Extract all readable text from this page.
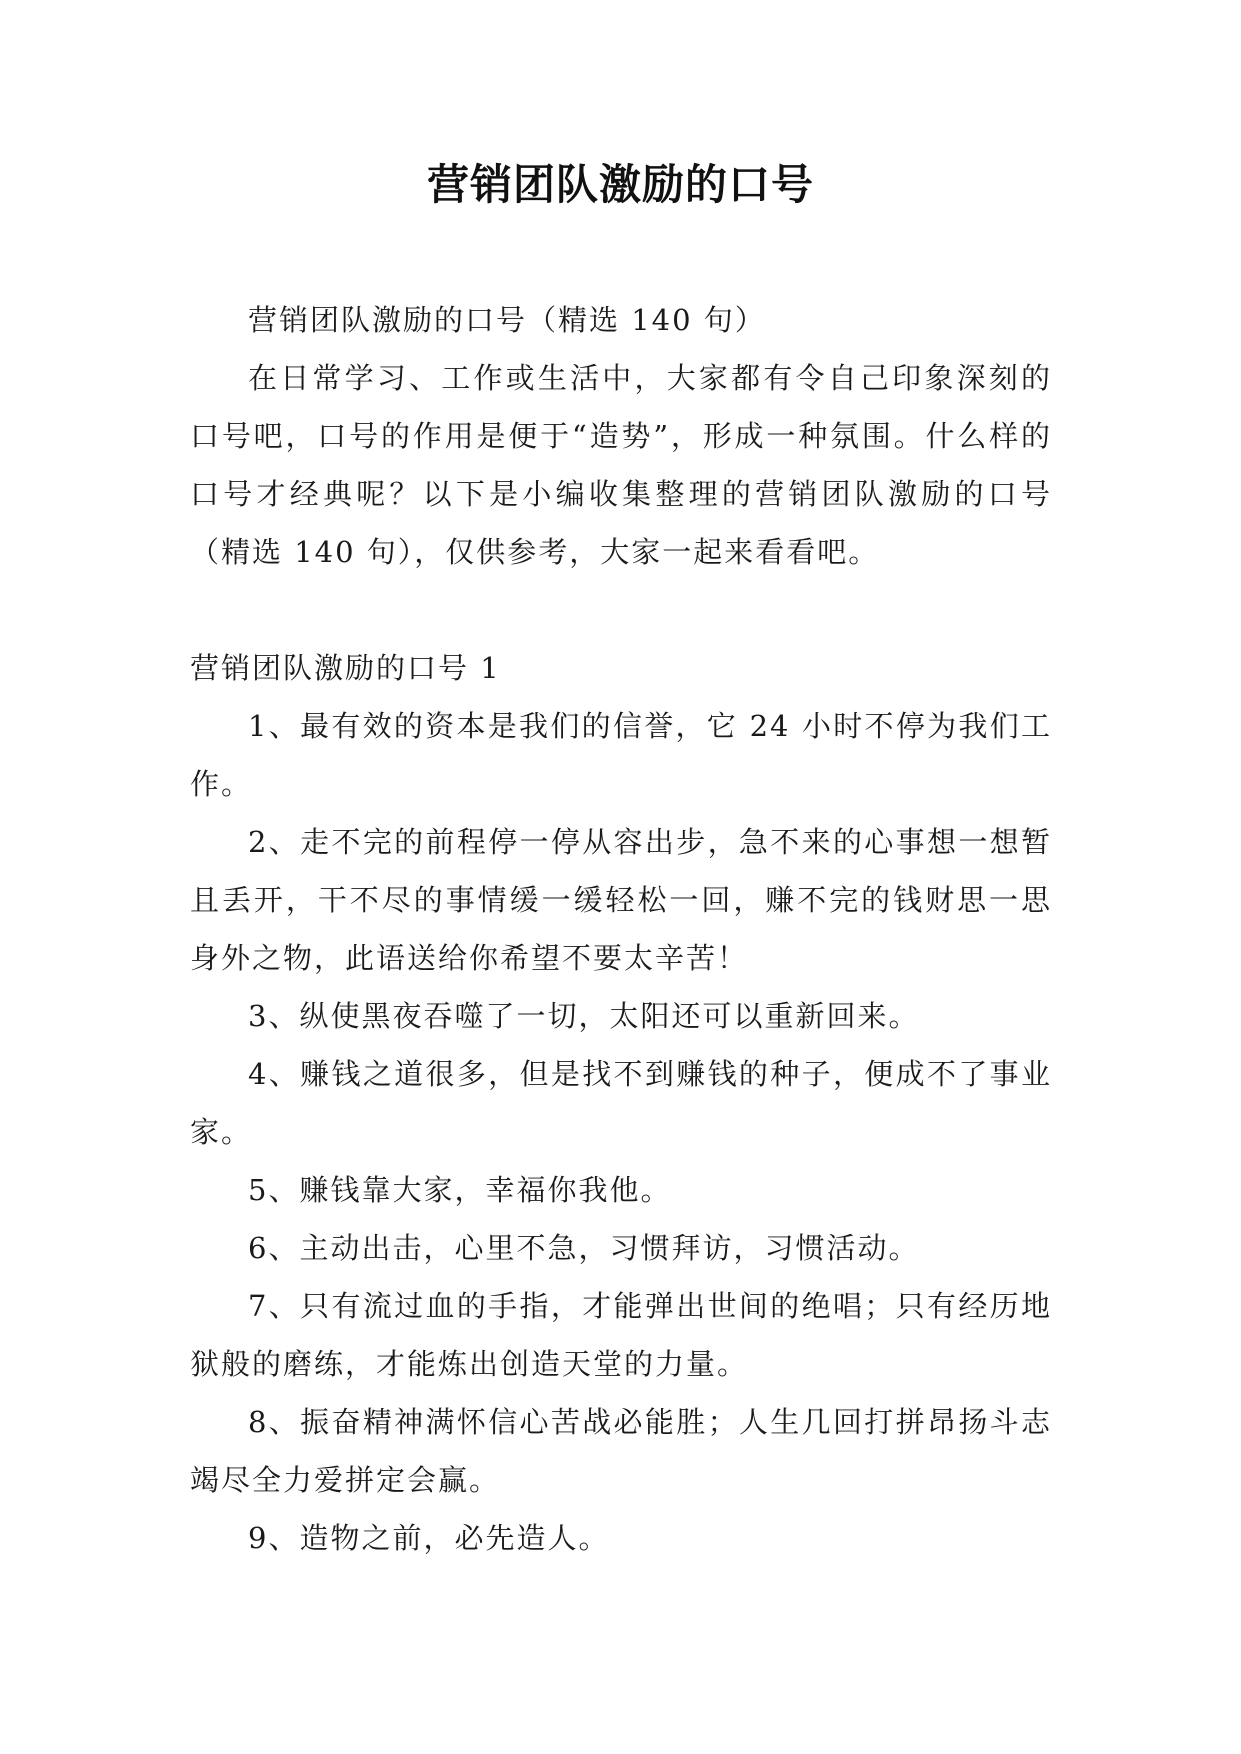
营销团队激励的口号

营销团队激励的口号（精选 140 句）

在日常学习、工作或生活中，大家都有令自己印象深刻的口号吧，口号的作用是便于“造势”，形成一种氛围。什么样的口号才经典呢？以下是小编收集整理的营销团队激励的口号（精选 140 句），仅供参考，大家一起来看看吧。

营销团队激励的口号 1

1、最有效的资本是我们的信誉，它 24 小时不停为我们工作。

2、走不完的前程停一停从容出步，急不来的心事想一想暂且丢开，干不尽的事情缓一缓轻松一回，赚不完的钱财思一思身外之物，此语送给你希望不要太辛苦！

3、纵使黑夜吞噬了一切，太阳还可以重新回来。

4、赚钱之道很多，但是找不到赚钱的种子，便成不了事业家。

5、赚钱靠大家，幸福你我他。

6、主动出击，心里不急，习惯拜访，习惯活动。

7、只有流过血的手指，才能弹出世间的绝唱；只有经历地狱般的磨练，才能炼出创造天堂的力量。

8、振奋精神满怀信心苦战必能胜；人生几回打拼昂扬斗志竭尽全力爱拼定会赢。

9、造物之前，必先造人。
